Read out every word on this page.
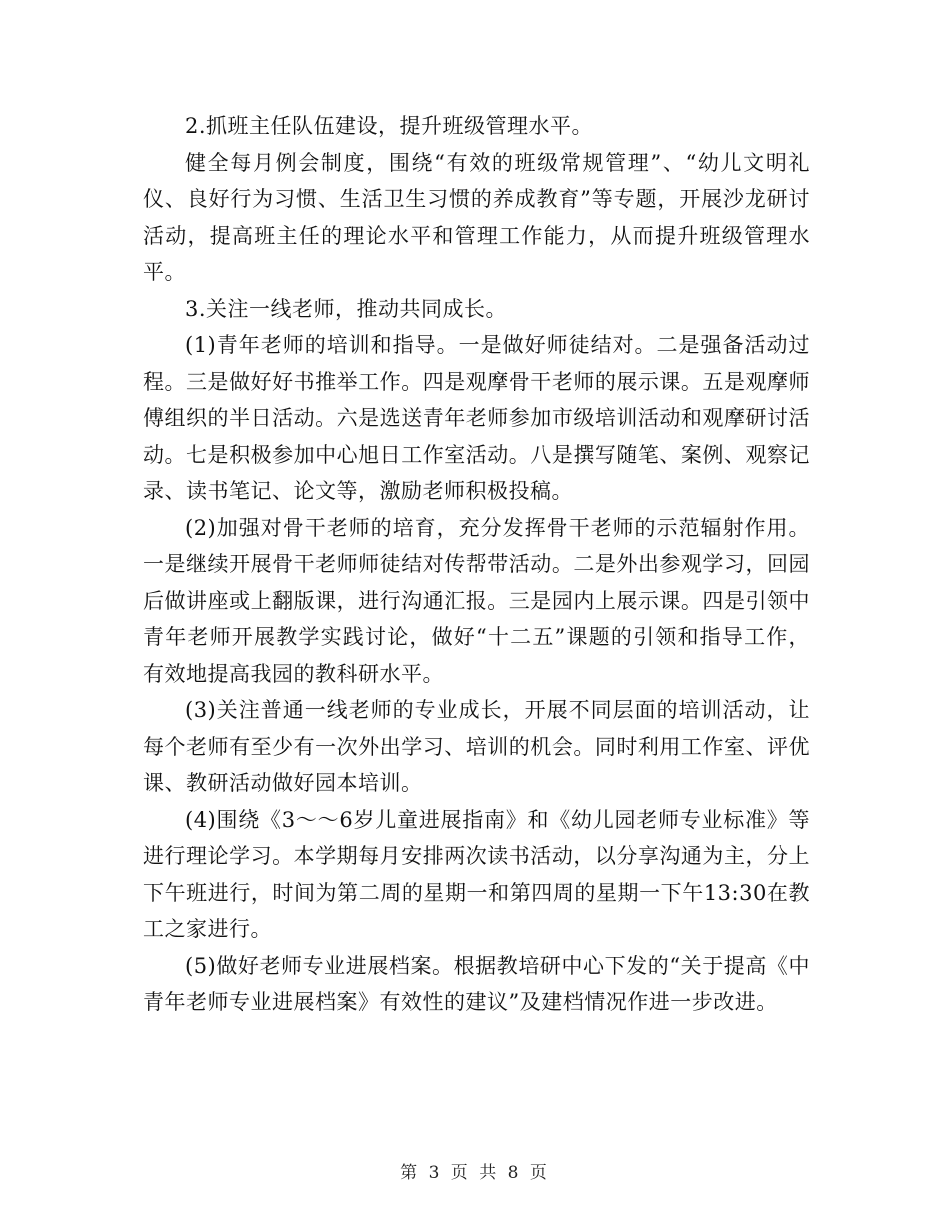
2.抓班主任队伍建设，提升班级管理水平。

健全每月例会制度，围绕“有效的班级常规管理”、“幼儿文明礼仪、良好行为习惯、生活卫生习惯的养成教育”等专题，开展沙龙研讨活动，提高班主任的理论水平和管理工作能力，从而提升班级管理水平。

3.关注一线老师，推动共同成长。

(1)青年老师的培训和指导。一是做好师徒结对。二是强备活动过程。三是做好好书推举工作。四是观摩骨干老师的展示课。五是观摩师傅组织的半日活动。六是选送青年老师参加市级培训活动和观摩研讨活动。七是积极参加中心旭日工作室活动。八是撰写随笔、案例、观察记录、读书笔记、论文等，激励老师积极投稿。

(2)加强对骨干老师的培育，充分发挥骨干老师的示范辐射作用。一是继续开展骨干老师师徒结对传帮带活动。二是外出参观学习，回园后做讲座或上翻版课，进行沟通汇报。三是园内上展示课。四是引领中青年老师开展教学实践讨论，做好“十二五”课题的引领和指导工作，有效地提高我园的教科研水平。

(3)关注普通一线老师的专业成长，开展不同层面的培训活动，让每个老师有至少有一次外出学习、培训的机会。同时利用工作室、评优课、教研活动做好园本培训。

(4)围绕《3～～6岁儿童进展指南》和《幼儿园老师专业标准》等进行理论学习。本学期每月安排两次读书活动，以分享沟通为主，分上下午班进行，时间为第二周的星期一和第四周的星期一下午13:30在教工之家进行。

(5)做好老师专业进展档案。根据教培研中心下发的“关于提高《中青年老师专业进展档案》有效性的建议”及建档情况作进一步改进。

第 3 页 共 8 页
